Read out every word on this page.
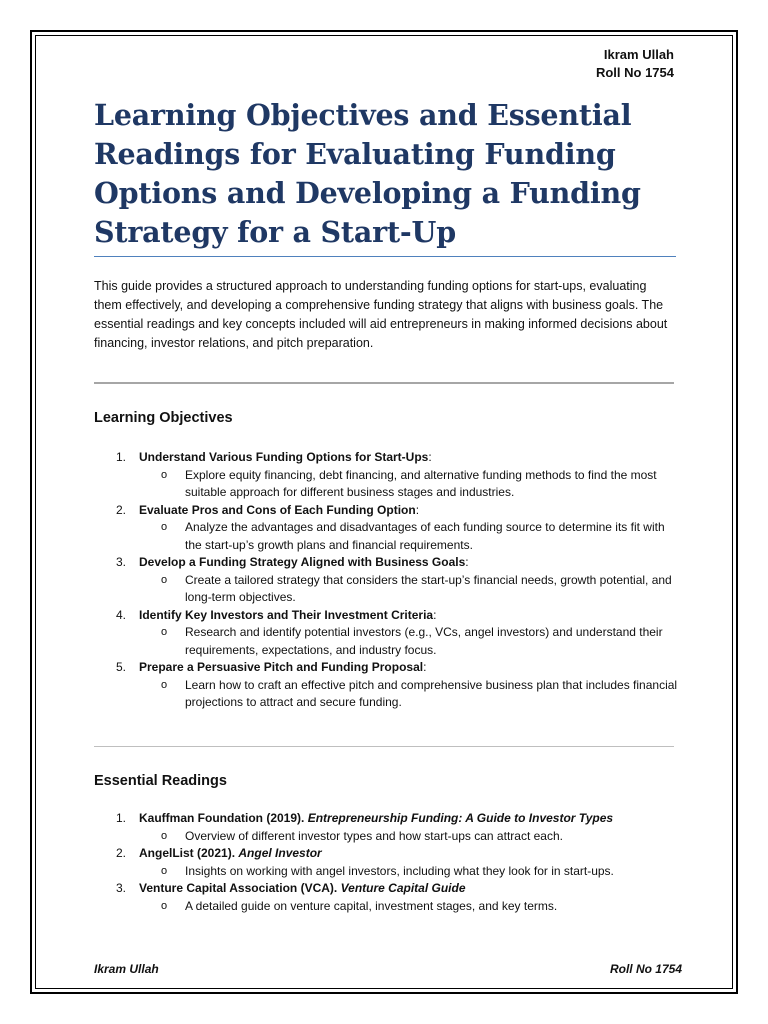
Ikram Ullah
Roll No 1754
Learning Objectives and Essential Readings for Evaluating Funding Options and Developing a Funding Strategy for a Start-Up

This guide provides a structured approach to understanding funding options for start-ups, evaluating them effectively, and developing a comprehensive funding strategy that aligns with business goals. The essential readings and key concepts included will aid entrepreneurs in making informed decisions about financing, investor relations, and pitch preparation.

Learning Objectives
1. Understand Various Funding Options for Start-Ups:
o Explore equity financing, debt financing, and alternative funding methods to find the most suitable approach for different business stages and industries.
2. Evaluate Pros and Cons of Each Funding Option:
o Analyze the advantages and disadvantages of each funding source to determine its fit with the start-up’s growth plans and financial requirements.
3. Develop a Funding Strategy Aligned with Business Goals:
o Create a tailored strategy that considers the start-up’s financial needs, growth potential, and long-term objectives.
4. Identify Key Investors and Their Investment Criteria:
o Research and identify potential investors (e.g., VCs, angel investors) and understand their requirements, expectations, and industry focus.
5. Prepare a Persuasive Pitch and Funding Proposal:
o Learn how to craft an effective pitch and comprehensive business plan that includes financial projections to attract and secure funding.
Essential Readings
1. Kauffman Foundation (2019). Entrepreneurship Funding: A Guide to Investor Types
o Overview of different investor types and how start-ups can attract each.
2. AngelList (2021). Angel Investor
o Insights on working with angel investors, including what they look for in start-ups.
3. Venture Capital Association (VCA). Venture Capital Guide
o A detailed guide on venture capital, investment stages, and key terms.
Ikram Ullah	Roll No 1754
